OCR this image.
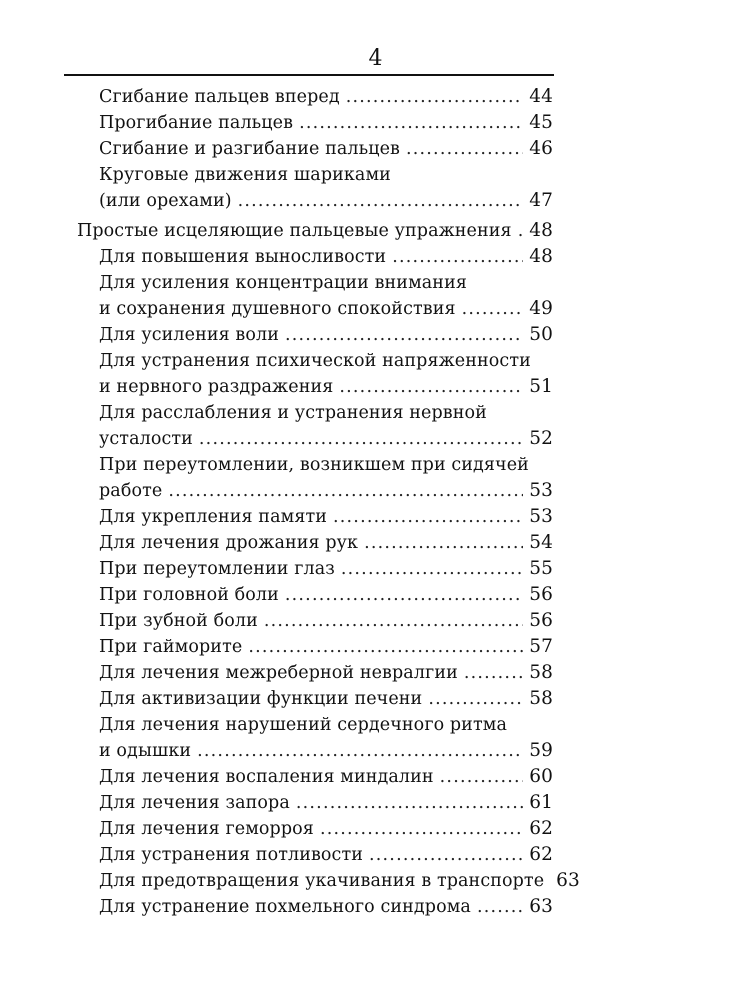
4
Сгибание пальцев вперед .....	44
Прогибание пальцев .....	45
Сгибание и разгибание пальцев .....	46
Круговые движения шариками
(или орехами) .....	47
Простые исцеляющие пальцевые упражнения ..... 48
Для повышения выносливости .....	48
Для усиления концентрации внимания
и сохранения душевного спокойствия .....	49
Для усиления воли .....	50
Для устранения психической напряженности
и нервного раздражения .....	51
Для расслабления и устранения нервной
усталости .....	52
При переутомлении, возникшем при сидячей
работе .....	53
Для укрепления памяти .....	53
Для лечения дрожания рук .....	54
При переутомлении глаз .....	55
При головной боли .....	56
При зубной боли .....	56
При гайморите .....	57
Для лечения межреберной невралгии .....	58
Для активизации функции печени .....	58
Для лечения нарушений сердечного ритма
и одышки .....	59
Для лечения воспаления миндалин .....	60
Для лечения запора .....	61
Для лечения геморроя .....	62
Для устранения потливости .....	62
Для предотвращения укачивания в транспорте 63
Для устранение похмельного синдрома .....	63
